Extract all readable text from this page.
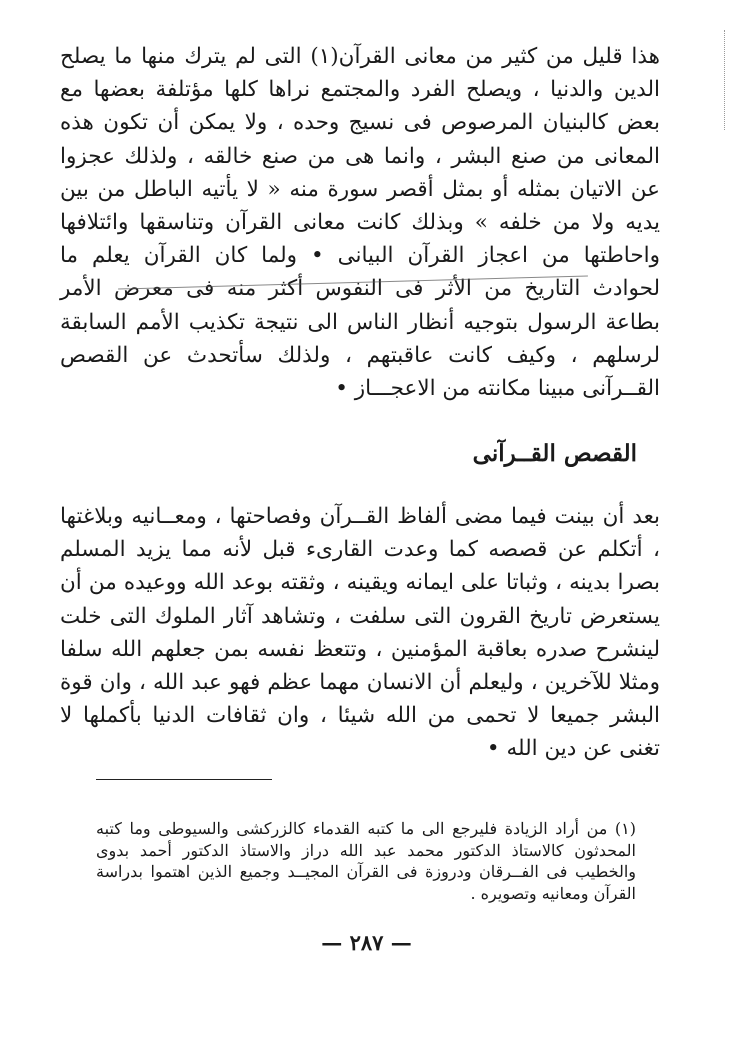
هذا قليل من كثير من معانى القرآن(١) التى لم يترك منها ما يصلح الدين والدنيا ، ويصلح الفرد والمجتمع نراها كلها مؤتلفة بعضها مع بعض كالبنيان المرصوص فى نسيج وحده ، ولا يمكن أن تكون هذه المعانى من صنع البشر ، وانما هى من صنع خالقه ، ولذلك عجزوا عن الاتيان بمثله أو بمثل أقصر سورة منه « لا يأتيه الباطل من بين يديه ولا من خلفه » وبذلك كانت معانى القرآن وتناسقها وائتلافها واحاطتها من اعجاز القرآن البيانى • ولما كان القرآن يعلم ما لحوادث التاريخ من الأثر فى النفوس أكثر منه فى معرض الأمر بطاعة الرسول بتوجيه أنظار الناس الى نتيجة تكذيب الأمم السابقة لرسلهم ، وكيف كانت عاقبتهم ، ولذلك سأتحدث عن القصص القــرآنى مبينا مكانته من الاعجـــاز •

القصص القــرآنى

بعد أن بينت فيما مضى ألفاظ القــرآن وفصاحتها ، ومعــانيه وبلاغتها ، أتكلم عن قصصه كما وعدت القارىء قبل لأنه مما يزيد المسلم بصرا بدينه ، وثباتا على ايمانه ويقينه ، وثقته بوعد الله ووعيده من أن يستعرض تاريخ القرون التى سلفت ، وتشاهد آثار الملوك التى خلت لينشرح صدره بعاقبة المؤمنين ، وتتعظ نفسه بمن جعلهم الله سلفا ومثلا للآخرين ، وليعلم أن الانسان مهما عظم فهو عبد الله ، وان قوة البشر جميعا لا تحمى من الله شيئا ، وان ثقافات الدنيا بأكملها لا تغنى عن دين الله •

(١) من أراد الزيادة فليرجع الى ما كتبه القدماء كالزركشى والسيوطى وما كتبه المحدثون كالاستاذ الدكتور محمد عبد الله دراز والاستاذ الدكتور أحمد بدوى والخطيب فى الفــرقان ودروزة فى القرآن المجيــد وجميع الذين اهتموا بدراسة القرآن ومعانيه وتصويره .

— ٢٨٧ —
